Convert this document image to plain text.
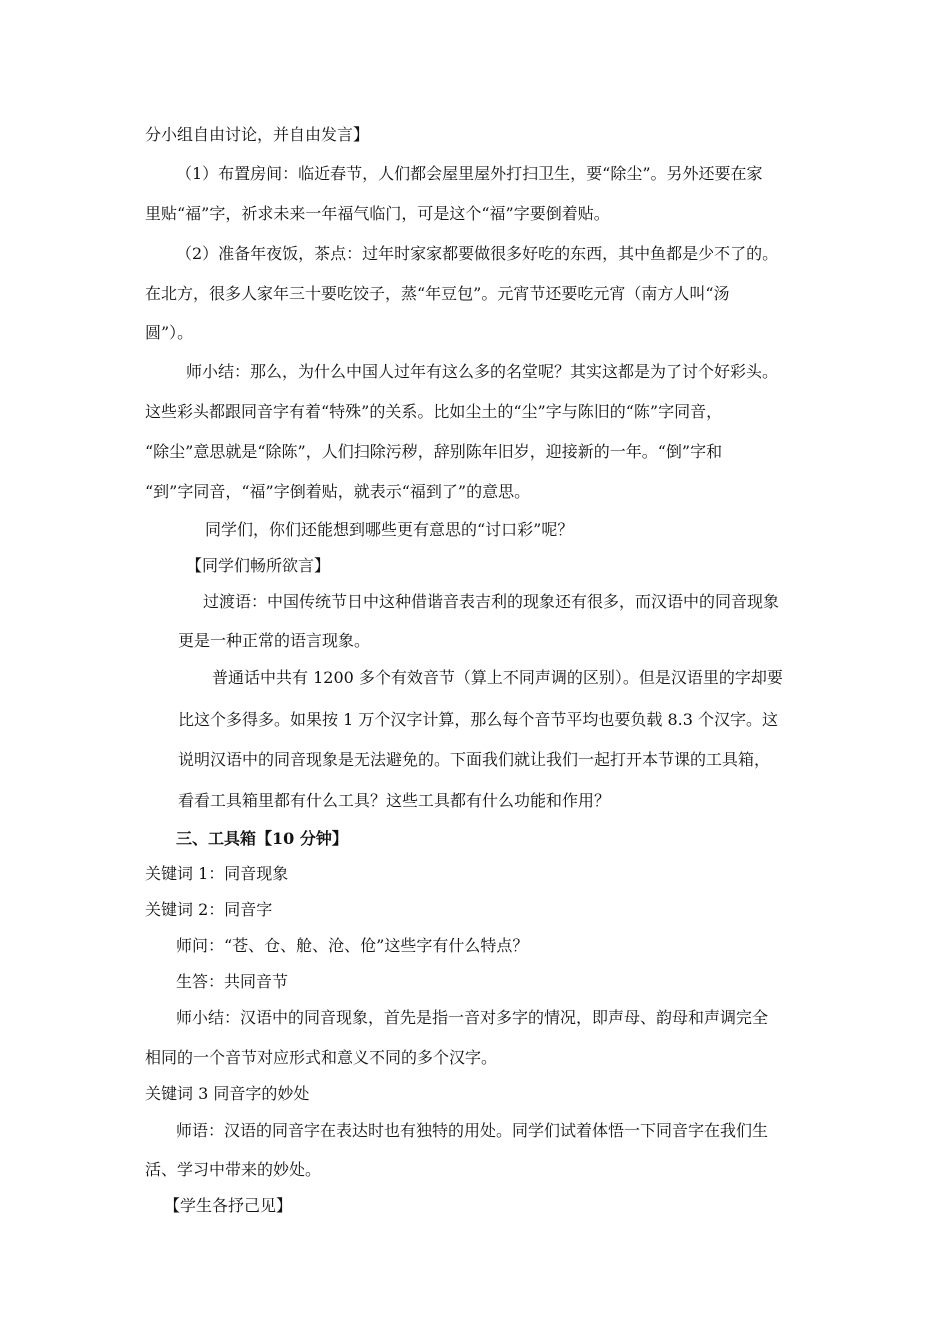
分小组自由讨论，并自由发言】

（1）布置房间：临近春节，人们都会屋里屋外打扫卫生，要“除尘”。另外还要在家

里贴“福”字，祈求未来一年福气临门，可是这个“福”字要倒着贴。

（2）准备年夜饭，茶点：过年时家家都要做很多好吃的东西，其中鱼都是少不了的。

在北方，很多人家年三十要吃饺子，蒸“年豆包”。元宵节还要吃元宵（南方人叫“汤

圆”）。

师小结：那么，为什么中国人过年有这么多的名堂呢？其实这都是为了讨个好彩头。

这些彩头都跟同音字有着“特殊”的关系。比如尘土的“尘”字与陈旧的“陈”字同音，

“除尘”意思就是“除陈”，人们扫除污秽，辞别陈年旧岁，迎接新的一年。“倒”字和

“到”字同音，“福”字倒着贴，就表示“福到了”的意思。

同学们，你们还能想到哪些更有意思的“讨口彩”呢？

【同学们畅所欲言】

过渡语：中国传统节日中这种借谐音表吉利的现象还有很多，而汉语中的同音现象

更是一种正常的语言现象。

普通话中共有 1200 多个有效音节（算上不同声调的区别）。但是汉语里的字却要

比这个多得多。如果按 1 万个汉字计算，那么每个音节平均也要负载 8.3 个汉字。这

说明汉语中的同音现象是无法避免的。下面我们就让我们一起打开本节课的工具箱，

看看工具箱里都有什么工具？这些工具都有什么功能和作用？

三、工具箱【10 分钟】

关键词 1：同音现象

关键词 2：同音字

师问：“苍、仓、舱、沧、伧”这些字有什么特点？

生答：共同音节

师小结：汉语中的同音现象，首先是指一音对多字的情况，即声母、韵母和声调完全

相同的一个音节对应形式和意义不同的多个汉字。

关键词 3 同音字的妙处

师语：汉语的同音字在表达时也有独特的用处。同学们试着体悟一下同音字在我们生

活、学习中带来的妙处。

【学生各抒己见】
